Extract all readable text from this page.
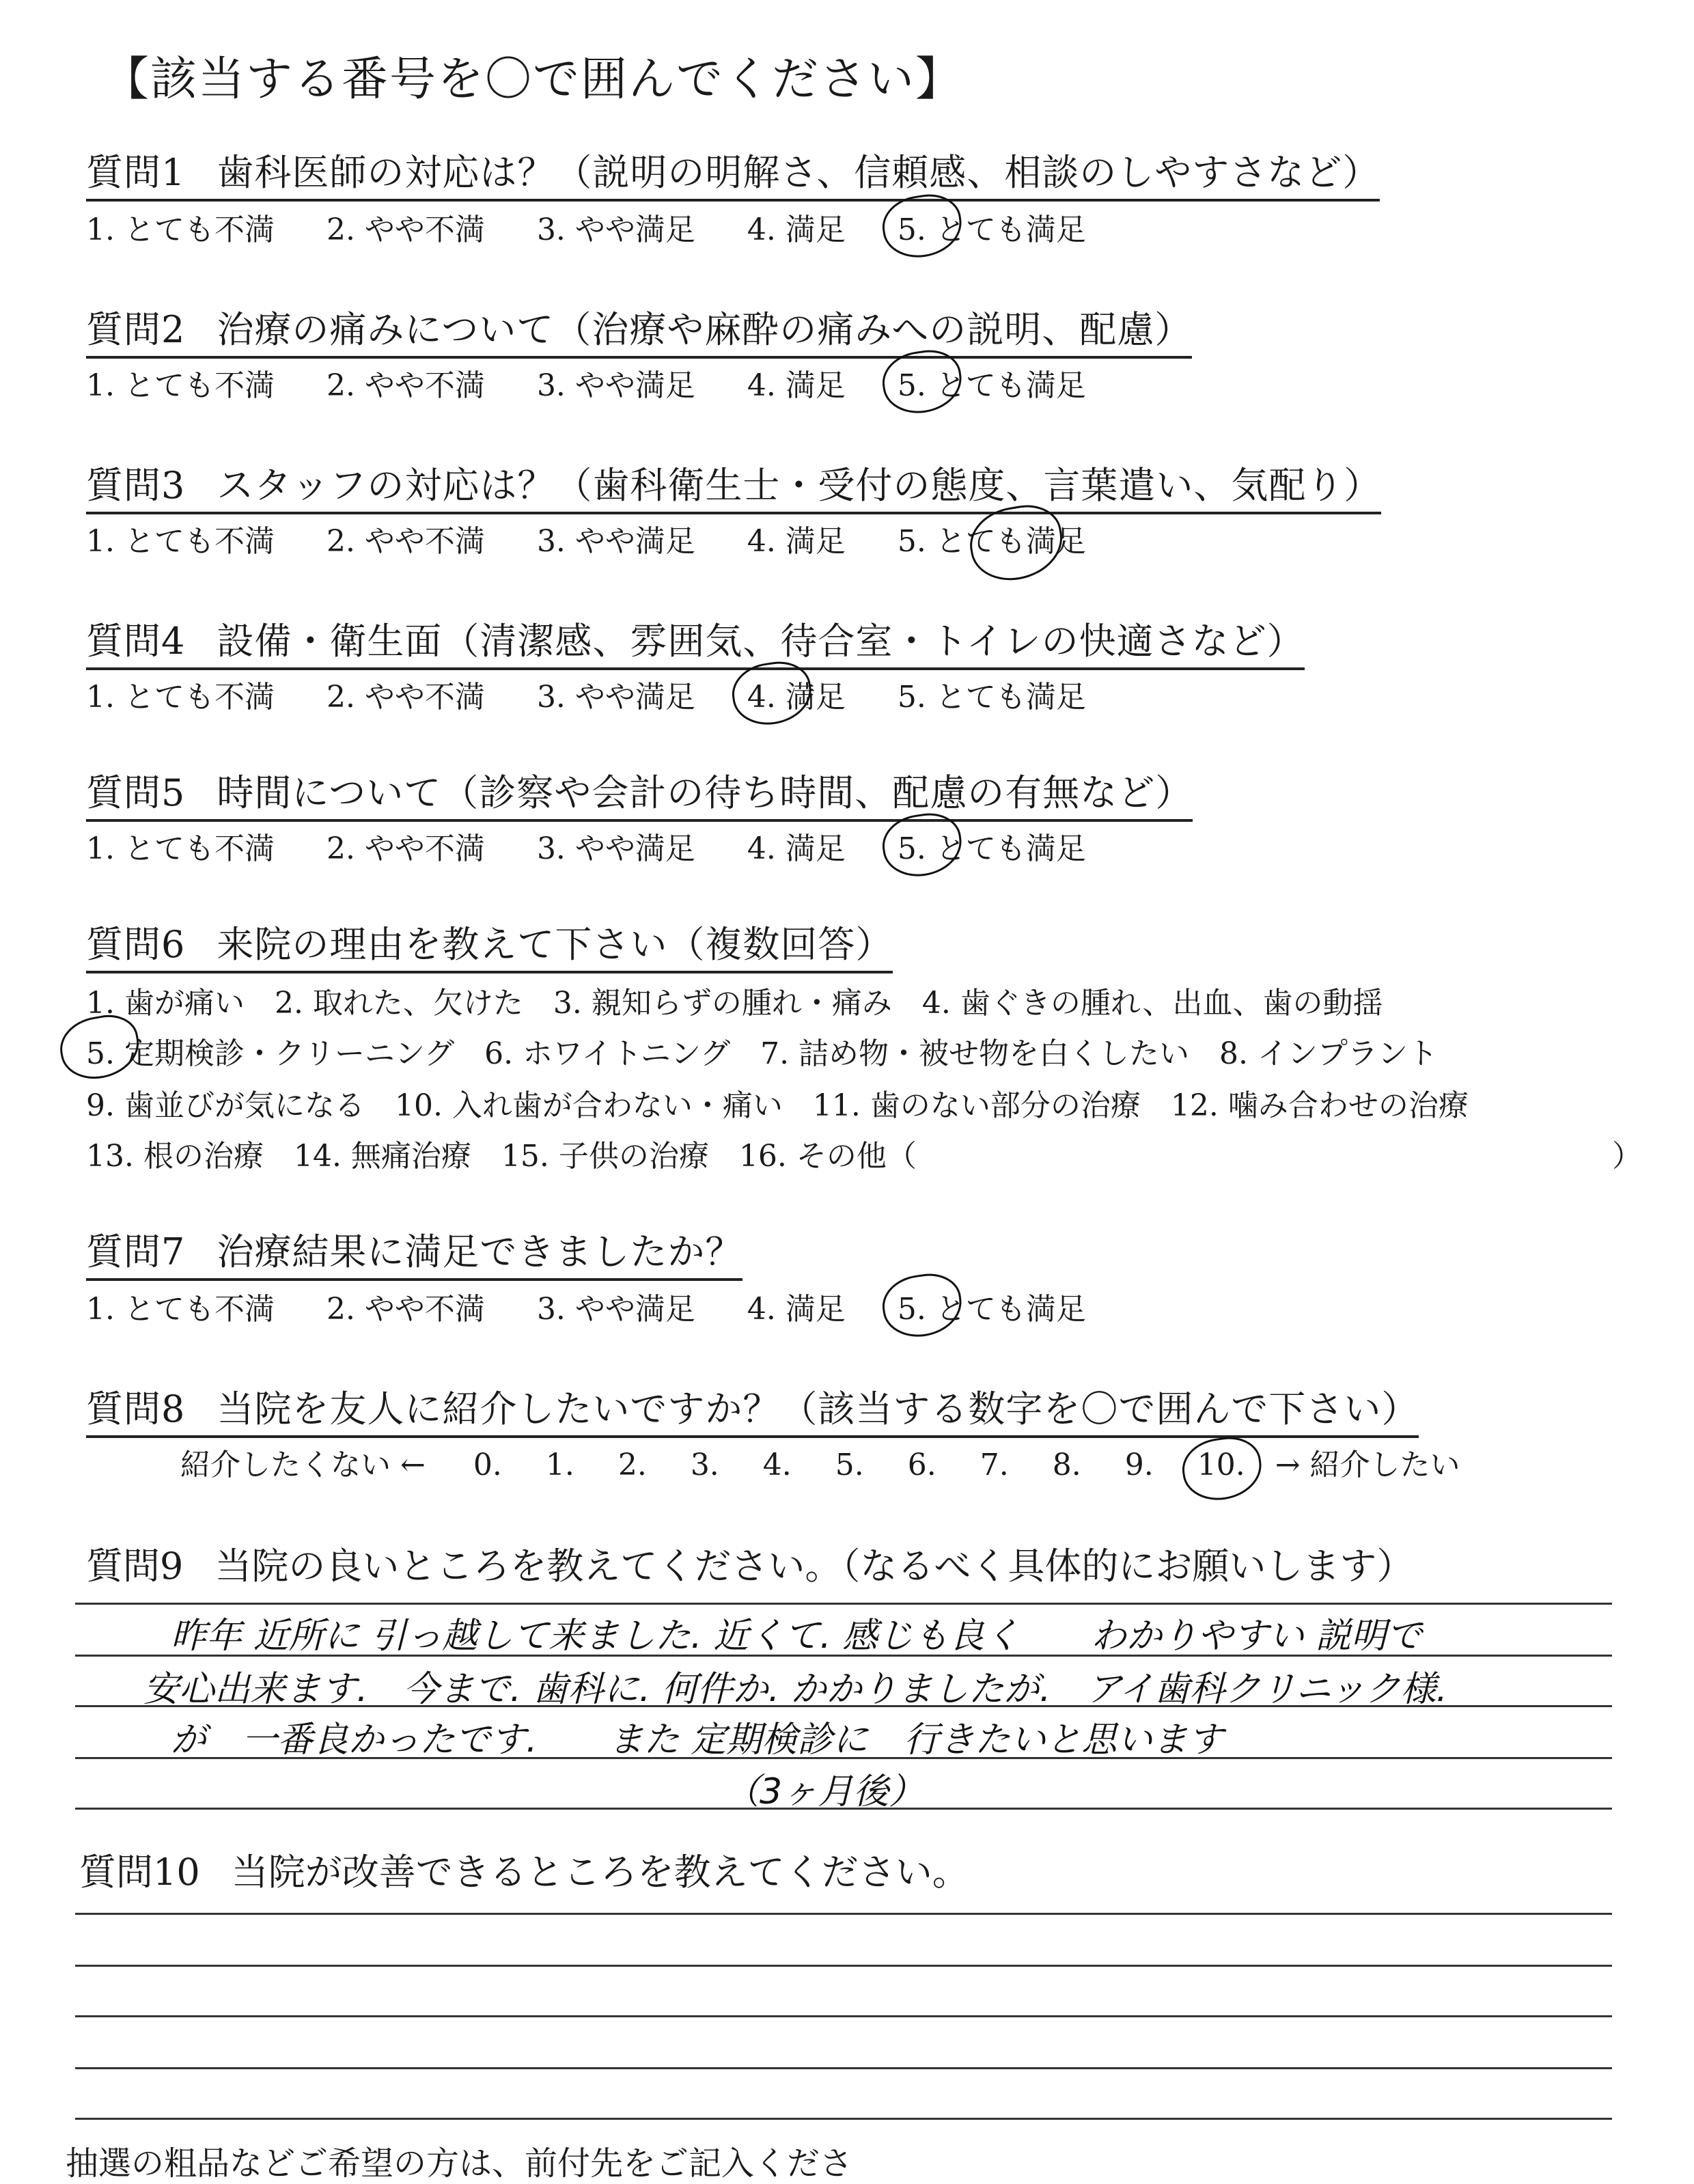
【該当する番号を〇で囲んでください】
質問1 歯科医師の対応は？（説明の明解さ、信頼感、相談のしやすさなど）
1. とても不満 2. やや不満 3. やや満足 4. 満足 5. とても満足
質問2 治療の痛みについて（治療や麻酔の痛みへの説明、配慮）
1. とても不満 2. やや不満 3. やや満足 4. 満足 5. とても満足
質問3 スタッフの対応は？（歯科衛生士・受付の態度、言葉遣い、気配り）
1. とても不満 2. やや不満 3. やや満足 4. 満足 5. とても満足
質問4 設備・衛生面（清潔感、雰囲気、待合室・トイレの快適さなど）
1. とても不満 2. やや不満 3. やや満足 4. 満足 5. とても満足
質問5 時間について（診察や会計の待ち時間、配慮の有無など）
1. とても不満 2. やや不満 3. やや満足 4. 満足 5. とても満足
質問6 来院の理由を教えて下さい（複数回答）
1. 歯が痛い　2. 取れた、欠けた　3. 親知らずの腫れ・痛み　4. 歯ぐきの腫れ、出血、歯の動揺
5. 定期検診・クリーニング　6. ホワイトニング　7. 詰め物・被せ物を白くしたい　8. インプラント
9. 歯並びが気になる　10. 入れ歯が合わない・痛い　11. 歯のない部分の治療　12. 噛み合わせの治療
13. 根の治療　14. 無痛治療　15. 子供の治療　16. その他（	）
質問7 治療結果に満足できましたか？
1. とても不満 2. やや不満 3. やや満足 4. 満足 5. とても満足
質問8 当院を友人に紹介したいですか？（該当する数字を〇で囲んで下さい）
紹介したくない ← 0. 1. 2. 3. 4. 5. 6. 7. 8. 9. 10. → 紹介したい
質問9 当院の良いところを教えてください。（なるべく具体的にお願いします）
昨年 近所に 引っ越して来ました. 近くて. 感じも良く　　わかりやすい 説明で
安心出来ます.　今まで. 歯科に. 何件か. かかりましたが.　アイ歯科クリニック様.
が　一番良かったです.　　また 定期検診に　行きたいと思います
（3ヶ月後）
質問10 当院が改善できるところを教えてください。
抽選の粗品などご希望の方は、前付先をご記入くださ
